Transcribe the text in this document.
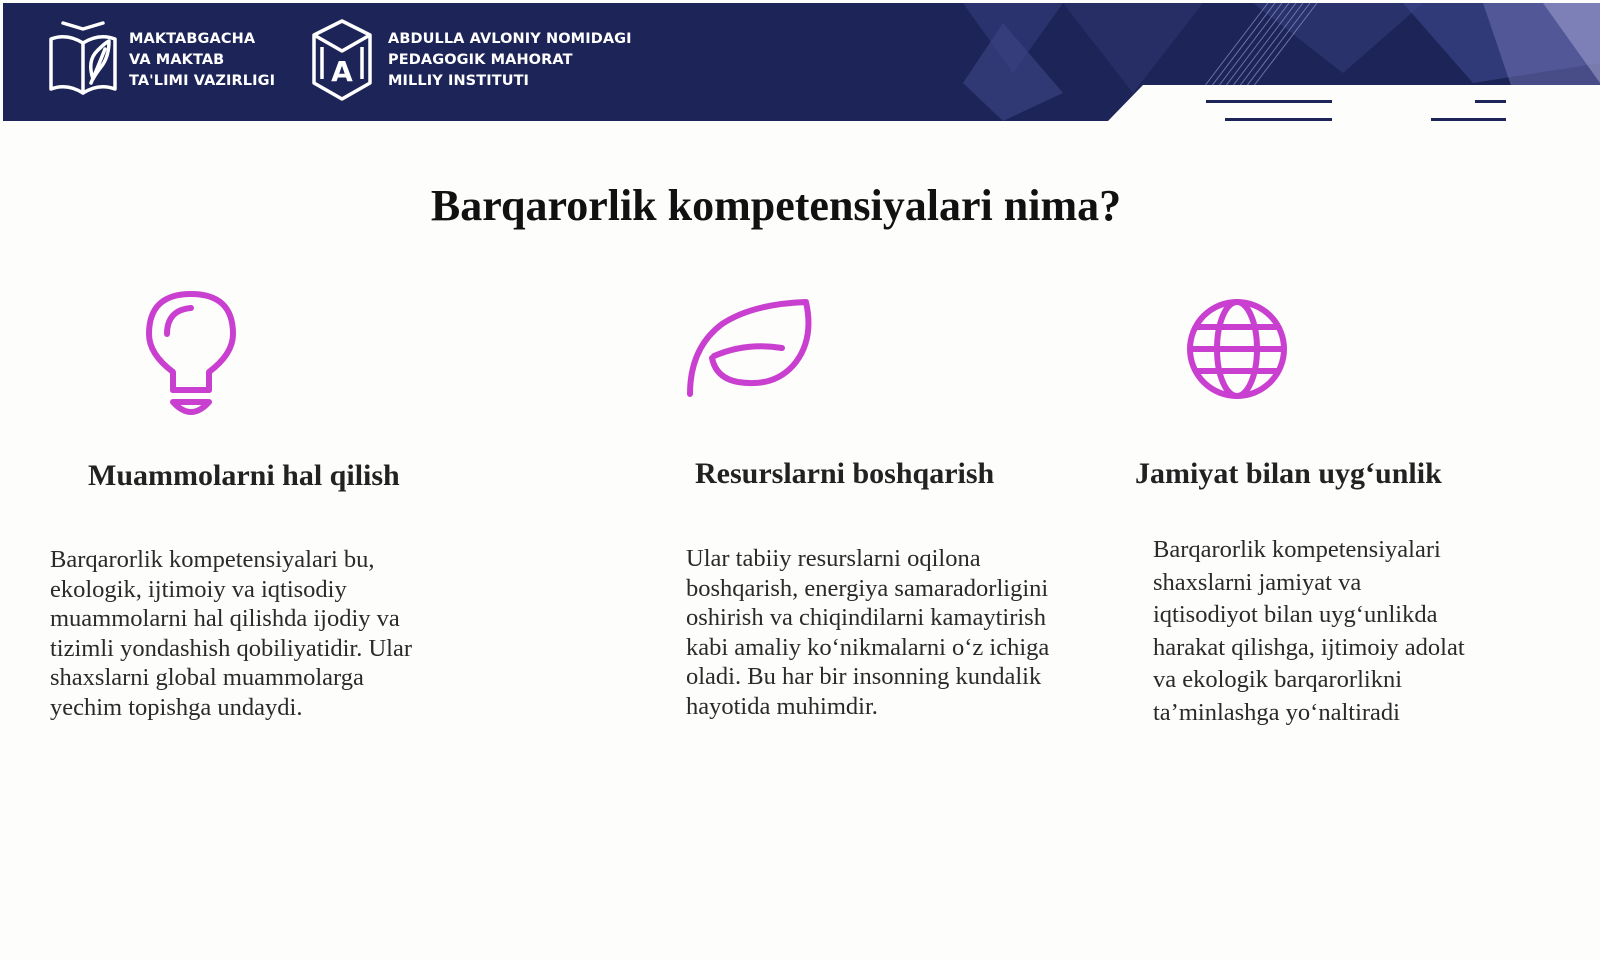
MAKTABGACHA
VA MAKTAB
TA'LIMI VAZIRLIGI A
ABDULLA AVLONIY NOMIDAGI
PEDAGOGIK MAHORAT
MILLIY INSTITUTI
Barqarorlik kompetensiyalari nima?
Muammolarni hal qilish	Resurslarni boshqarish	Jamiyat bilan uygʻunlik
Barqarorlik kompetensiyalari bu,
ekologik, ijtimoiy va iqtisodiy
muammolarni hal qilishda ijodiy va
tizimli yondashish qobiliyatidir. Ular
shaxslarni global muammolarga
yechim topishga undaydi.
Ular tabiiy resurslarni oqilona
boshqarish, energiya samaradorligini
oshirish va chiqindilarni kamaytirish
kabi amaliy koʻnikmalarni oʻz ichiga
oladi. Bu har bir insonning kundalik
hayotida muhimdir.
Barqarorlik kompetensiyalari
shaxslarni jamiyat va
iqtisodiyot bilan uygʻunlikda
harakat qilishga, ijtimoiy adolat
va ekologik barqarorlikni
taʼminlashga yoʻnaltiradi
